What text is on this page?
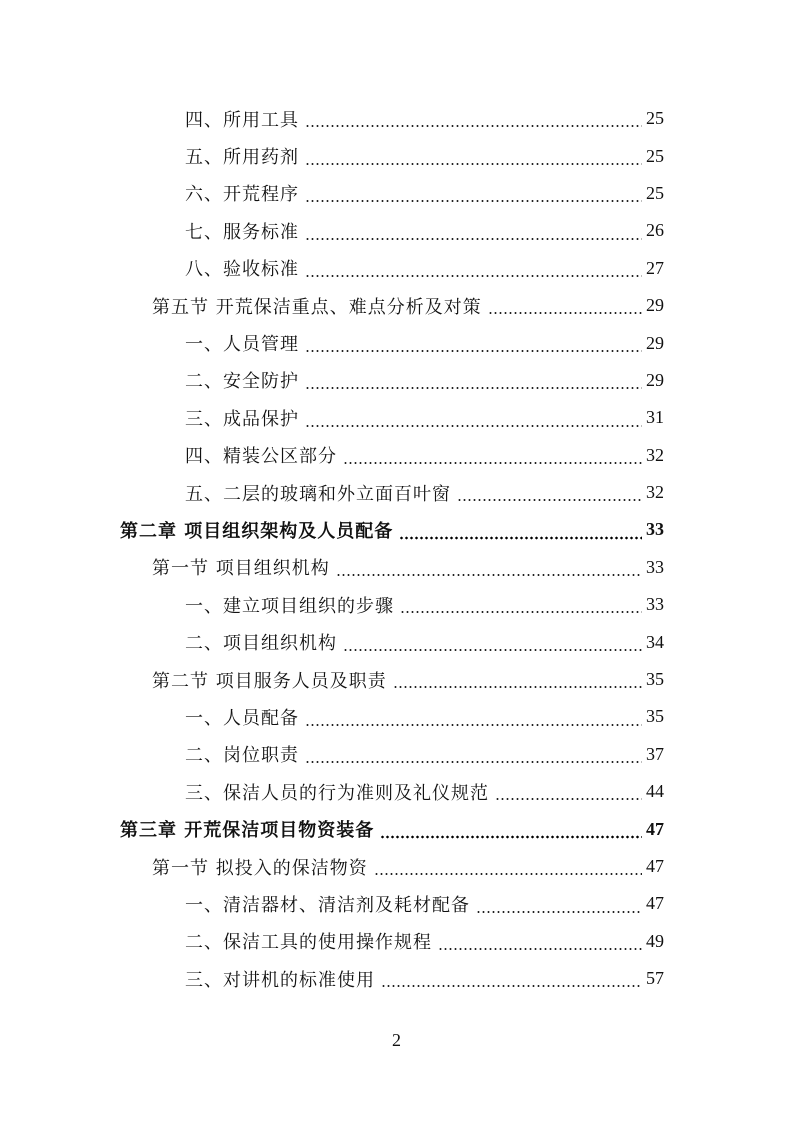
四、所用工具	25
五、所用药剂	25
六、开荒程序	25
七、服务标准	26
八、验收标准	27
第五节 开荒保洁重点、难点分析及对策	29
一、人员管理	29
二、安全防护	29
三、成品保护	31
四、精装公区部分	32
五、二层的玻璃和外立面百叶窗	32
第二章 项目组织架构及人员配备	33
第一节 项目组织机构	33
一、建立项目组织的步骤	33
二、项目组织机构	34
第二节 项目服务人员及职责	35
一、人员配备	35
二、岗位职责	37
三、保洁人员的行为准则及礼仪规范	44
第三章 开荒保洁项目物资装备	47
第一节 拟投入的保洁物资	47
一、清洁器材、清洁剂及耗材配备	47
二、保洁工具的使用操作规程	49
三、对讲机的标准使用	57
2
